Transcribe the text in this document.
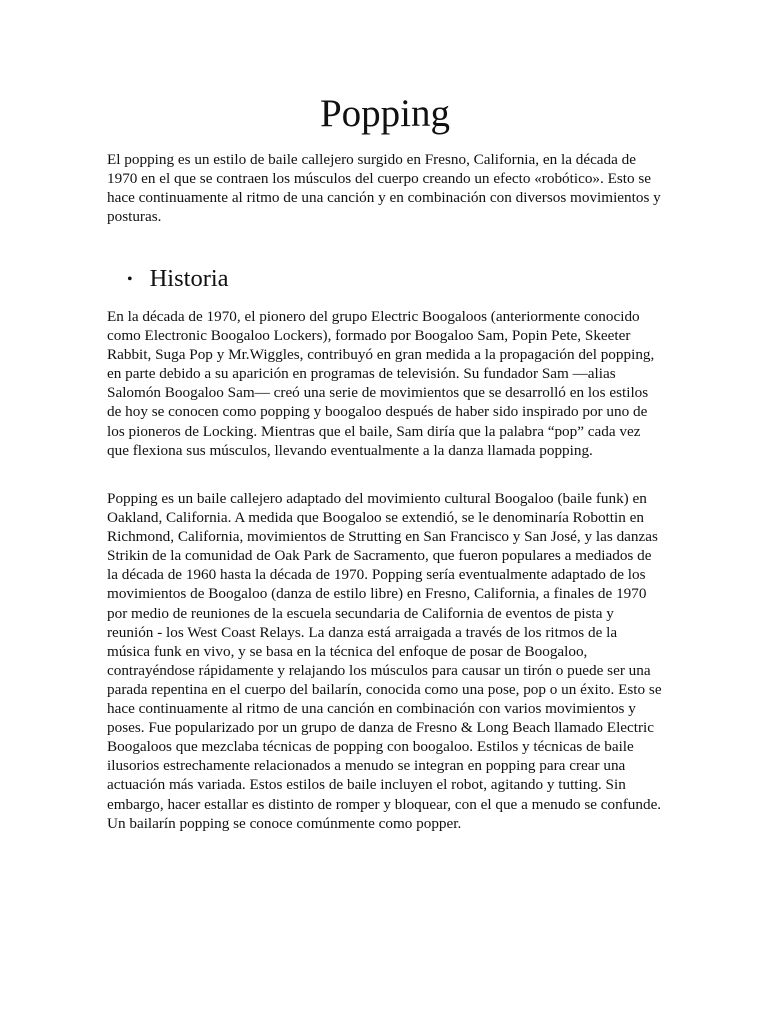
Popping

El popping es un estilo de baile callejero surgido en Fresno, California, en la década de 1970 en el que se contraen los músculos del cuerpo creando un efecto «robótico». Esto se hace continuamente al ritmo de una canción y en combinación con diversos movimientos y posturas.

• Historia

En la década de 1970, el pionero del grupo Electric Boogaloos (anteriormente conocido como Electronic Boogaloo Lockers), formado por Boogaloo Sam, Popin Pete, Skeeter Rabbit, Suga Pop y Mr.Wiggles, contribuyó en gran medida a la propagación del popping, en parte debido a su aparición en programas de televisión. Su fundador Sam —alias Salomón Boogaloo Sam— creó una serie de movimientos que se desarrolló en los estilos de hoy se conocen como popping y boogaloo después de haber sido inspirado por uno de los pioneros de Locking. Mientras que el baile, Sam diría que la palabra “pop” cada vez que flexiona sus músculos, llevando eventualmente a la danza llamada popping.

Popping es un baile callejero adaptado del movimiento cultural Boogaloo (baile funk) en Oakland, California. A medida que Boogaloo se extendió, se le denominaría Robottin en Richmond, California, movimientos de Strutting en San Francisco y San José, y las danzas Strikin de la comunidad de Oak Park de Sacramento, que fueron populares a mediados de la década de 1960 hasta la década de 1970. Popping sería eventualmente adaptado de los movimientos de Boogaloo (danza de estilo libre) en Fresno, California, a finales de 1970 por medio de reuniones de la escuela secundaria de California de eventos de pista y reunión - los West Coast Relays. La danza está arraigada a través de los ritmos de la música funk en vivo, y se basa en la técnica del enfoque de posar de Boogaloo, contrayéndose rápidamente y relajando los músculos para causar un tirón o puede ser una parada repentina en el cuerpo del bailarín, conocida como una pose, pop o un éxito. Esto se hace continuamente al ritmo de una canción en combinación con varios movimientos y poses. Fue popularizado por un grupo de danza de Fresno & Long Beach llamado Electric Boogaloos que mezclaba técnicas de popping con boogaloo. Estilos y técnicas de baile ilusorios estrechamente relacionados a menudo se integran en popping para crear una actuación más variada. Estos estilos de baile incluyen el robot, agitando y tutting. Sin embargo, hacer estallar es distinto de romper y bloquear, con el que a menudo se confunde. Un bailarín popping se conoce comúnmente como popper.
